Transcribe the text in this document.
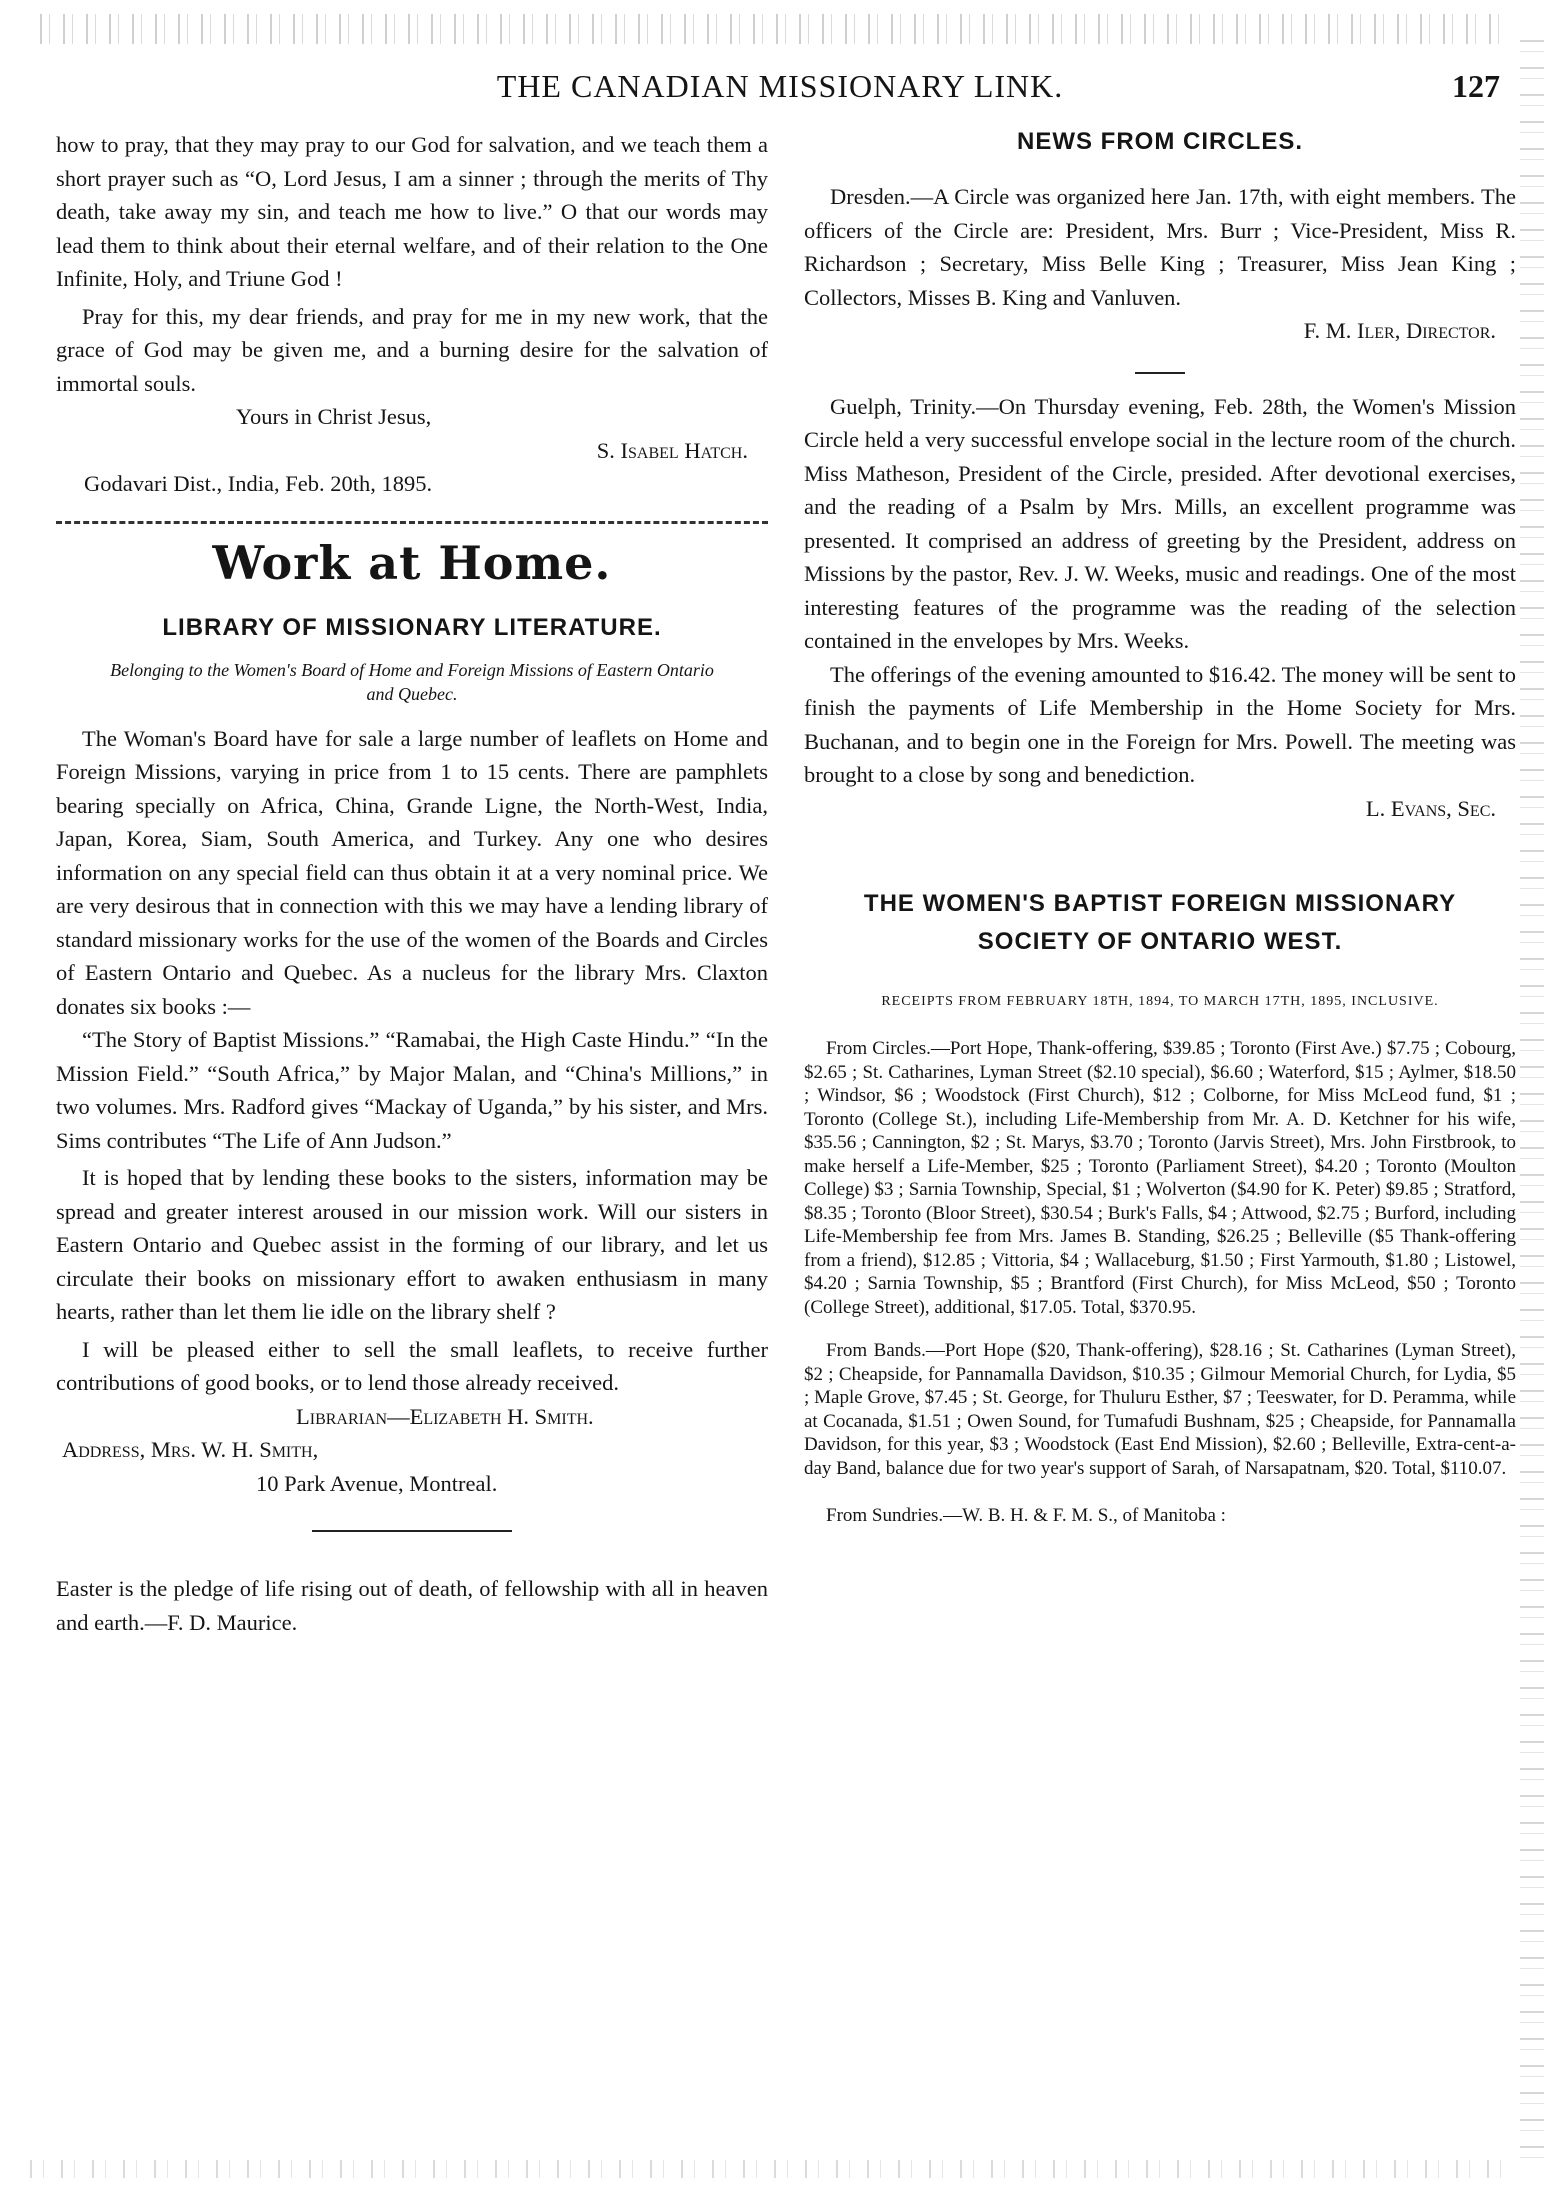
THE CANADIAN MISSIONARY LINK.	127

how to pray, that they may pray to our God for salvation, and we teach them a short prayer such as “O, Lord Jesus, I am a sinner ; through the merits of Thy death, take away my sin, and teach me how to live.” O that our words may lead them to think about their eternal welfare, and of their relation to the One Infinite, Holy, and Triune God !

Pray for this, my dear friends, and pray for me in my new work, that the grace of God may be given me, and a burning desire for the salvation of immortal souls.

Yours in Christ Jesus,

S. Isabel Hatch.

Godavari Dist., India, Feb. 20th, 1895.

Work at Home.
LIBRARY OF MISSIONARY LITERATURE.

Belonging to the Women's Board of Home and Foreign Missions of Eastern Ontario and Quebec.

The Woman's Board have for sale a large number of leaflets on Home and Foreign Missions, varying in price from 1 to 15 cents. There are pamphlets bearing specially on Africa, China, Grande Ligne, the North-West, India, Japan, Korea, Siam, South America, and Turkey. Any one who desires information on any special field can thus obtain it at a very nominal price. We are very desirous that in connection with this we may have a lending library of standard missionary works for the use of the women of the Boards and Circles of Eastern Ontario and Quebec. As a nucleus for the library Mrs. Claxton donates six books :—

“The Story of Baptist Missions.” “Ramabai, the High Caste Hindu.” “In the Mission Field.” “South Africa,” by Major Malan, and “China's Millions,” in two volumes. Mrs. Radford gives “Mackay of Uganda,” by his sister, and Mrs. Sims contributes “The Life of Ann Judson.”

It is hoped that by lending these books to the sisters, information may be spread and greater interest aroused in our mission work. Will our sisters in Eastern Ontario and Quebec assist in the forming of our library, and let us circulate their books on missionary effort to awaken enthusiasm in many hearts, rather than let them lie idle on the library shelf ?

I will be pleased either to sell the small leaflets, to receive further contributions of good books, or to lend those already received.

Librarian—Elizabeth H. Smith.

Address, Mrs. W. H. Smith,

10 Park Avenue, Montreal.

Easter is the pledge of life rising out of death, of fellowship with all in heaven and earth.—F. D. Maurice.

NEWS FROM CIRCLES.

Dresden.—A Circle was organized here Jan. 17th, with eight members. The officers of the Circle are: President, Mrs. Burr ; Vice-President, Miss R. Richardson ; Secretary, Miss Belle King ; Treasurer, Miss Jean King ; Collectors, Misses B. King and Vanluven.

F. M. Iler, Director.

Guelph, Trinity.—On Thursday evening, Feb. 28th, the Women's Mission Circle held a very successful envelope social in the lecture room of the church. Miss Matheson, President of the Circle, presided. After devotional exercises, and the reading of a Psalm by Mrs. Mills, an excellent programme was presented. It comprised an address of greeting by the President, address on Missions by the pastor, Rev. J. W. Weeks, music and readings. One of the most interesting features of the programme was the reading of the selection contained in the envelopes by Mrs. Weeks.

The offerings of the evening amounted to $16.42. The money will be sent to finish the payments of Life Membership in the Home Society for Mrs. Buchanan, and to begin one in the Foreign for Mrs. Powell. The meeting was brought to a close by song and benediction.

L. Evans, Sec.

THE WOMEN'S BAPTIST FOREIGN MISSIONARY SOCIETY OF ONTARIO WEST.

RECEIPTS FROM FEBRUARY 18TH, 1894, TO MARCH 17TH, 1895, INCLUSIVE.

From Circles.—Port Hope, Thank-offering, $39.85 ; Toronto (First Ave.) $7.75 ; Cobourg, $2.65 ; St. Catharines, Lyman Street ($2.10 special), $6.60 ; Waterford, $15 ; Aylmer, $18.50 ; Windsor, $6 ; Woodstock (First Church), $12 ; Colborne, for Miss McLeod fund, $1 ; Toronto (College St.), including Life-Membership from Mr. A. D. Ketchner for his wife, $35.56 ; Cannington, $2 ; St. Marys, $3.70 ; Toronto (Jarvis Street), Mrs. John Firstbrook, to make herself a Life-Member, $25 ; Toronto (Parliament Street), $4.20 ; Toronto (Moulton College) $3 ; Sarnia Township, Special, $1 ; Wolverton ($4.90 for K. Peter) $9.85 ; Stratford, $8.35 ; Toronto (Bloor Street), $30.54 ; Burk's Falls, $4 ; Attwood, $2.75 ; Burford, including Life-Membership fee from Mrs. James B. Standing, $26.25 ; Belleville ($5 Thank-offering from a friend), $12.85 ; Vittoria, $4 ; Wallaceburg, $1.50 ; First Yarmouth, $1.80 ; Listowel, $4.20 ; Sarnia Township, $5 ; Brantford (First Church), for Miss McLeod, $50 ; Toronto (College Street), additional, $17.05. Total, $370.95.

From Bands.—Port Hope ($20, Thank-offering), $28.16 ; St. Catharines (Lyman Street), $2 ; Cheapside, for Pannamalla Davidson, $10.35 ; Gilmour Memorial Church, for Lydia, $5 ; Maple Grove, $7.45 ; St. George, for Thuluru Esther, $7 ; Teeswater, for D. Peramma, while at Cocanada, $1.51 ; Owen Sound, for Tumafudi Bushnam, $25 ; Cheapside, for Pannamalla Davidson, for this year, $3 ; Woodstock (East End Mission), $2.60 ; Belleville, Extra-cent-a-day Band, balance due for two year's support of Sarah, of Narsapatnam, $20. Total, $110.07.

From Sundries.—W. B. H. & F. M. S., of Manitoba :
